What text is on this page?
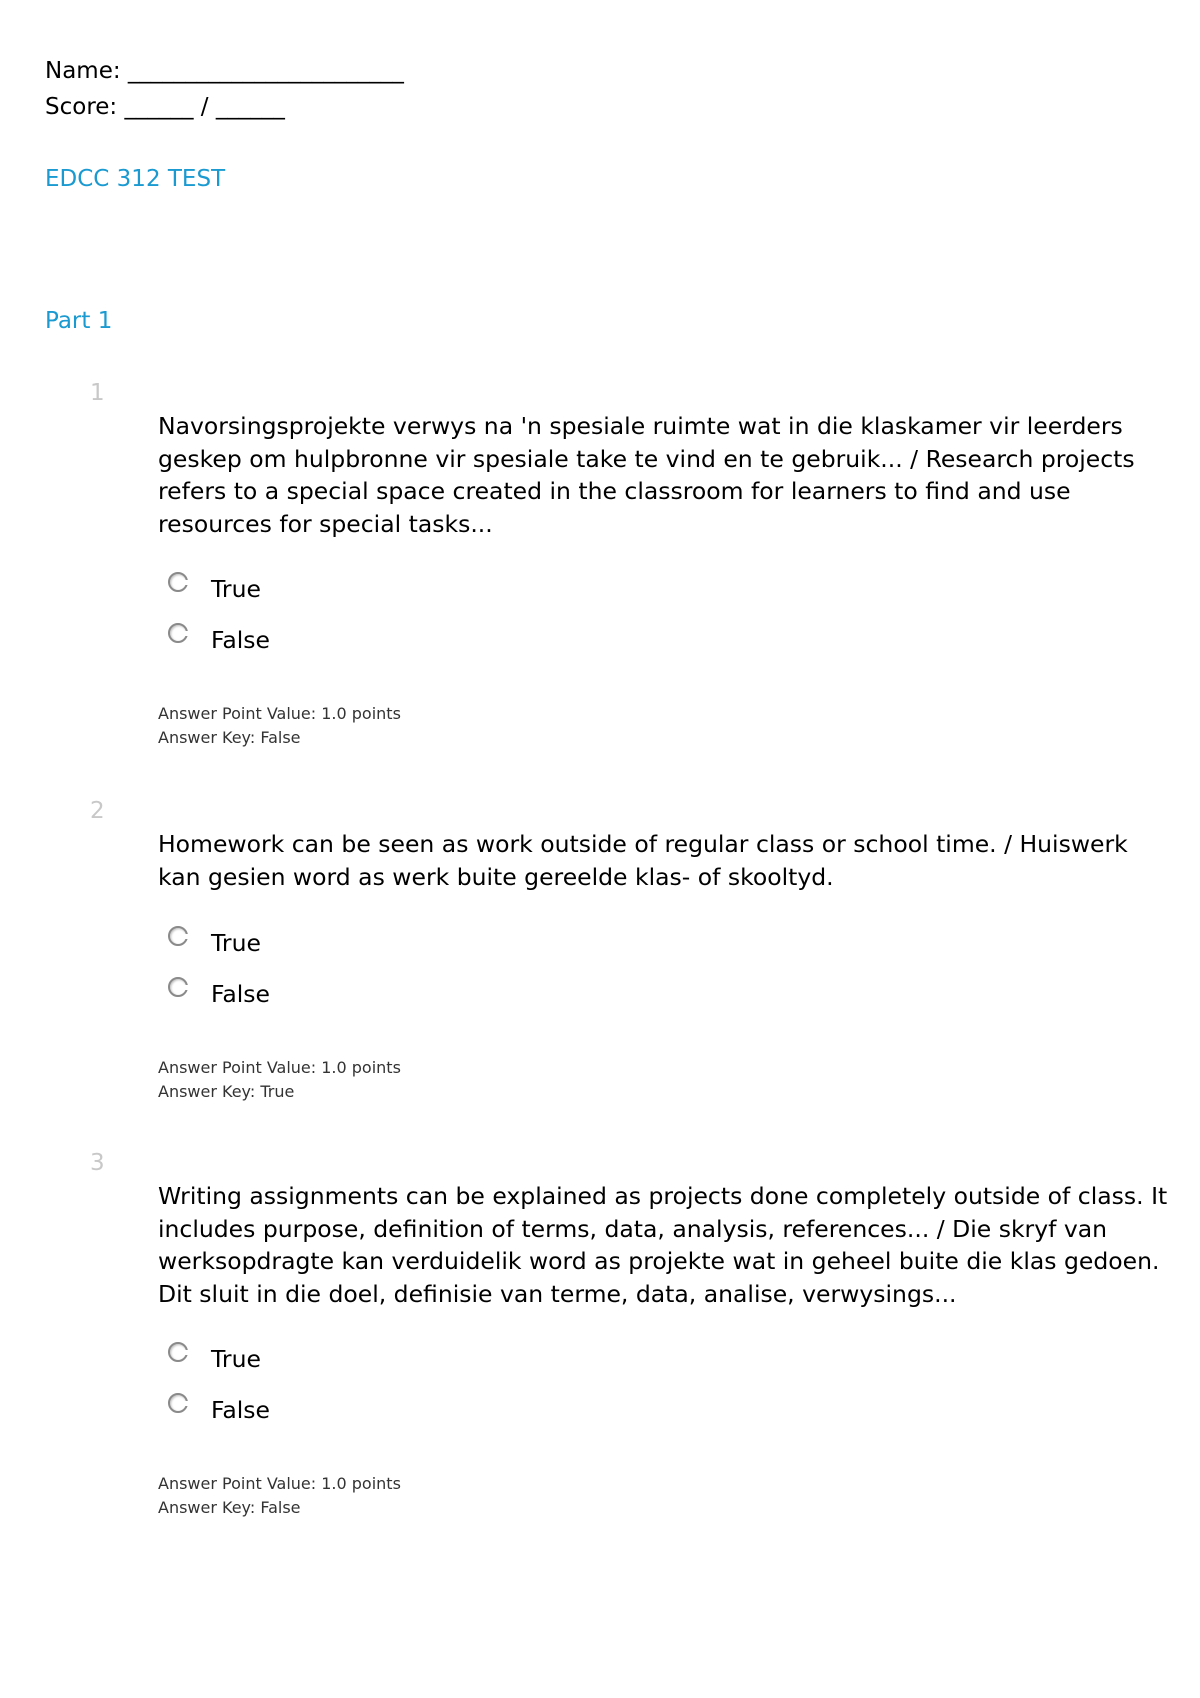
Name: ________________________
Score: ______ / ______
EDCC 312 TEST
Part 1
1
Navorsingsprojekte verwys na 'n spesiale ruimte wat in die klaskamer vir leerders geskep om hulpbronne vir spesiale take te vind en te gebruik... / Research projects refers to a special space created in the classroom for learners to find and use resources for special tasks...
True
False
Answer Point Value: 1.0 points
Answer Key: False
2
Homework can be seen as work outside of regular class or school time. / Huiswerk kan gesien word as werk buite gereelde klas- of skooltyd.
True
False
Answer Point Value: 1.0 points
Answer Key: True
3
Writing assignments can be explained as projects done completely outside of class. It includes purpose, definition of terms, data, analysis, references... / Die skryf van werksopdragte kan verduidelik word as projekte wat in geheel buite die klas gedoen. Dit sluit in die doel, definisie van terme, data, analise, verwysings...
True
False
Answer Point Value: 1.0 points
Answer Key: False
